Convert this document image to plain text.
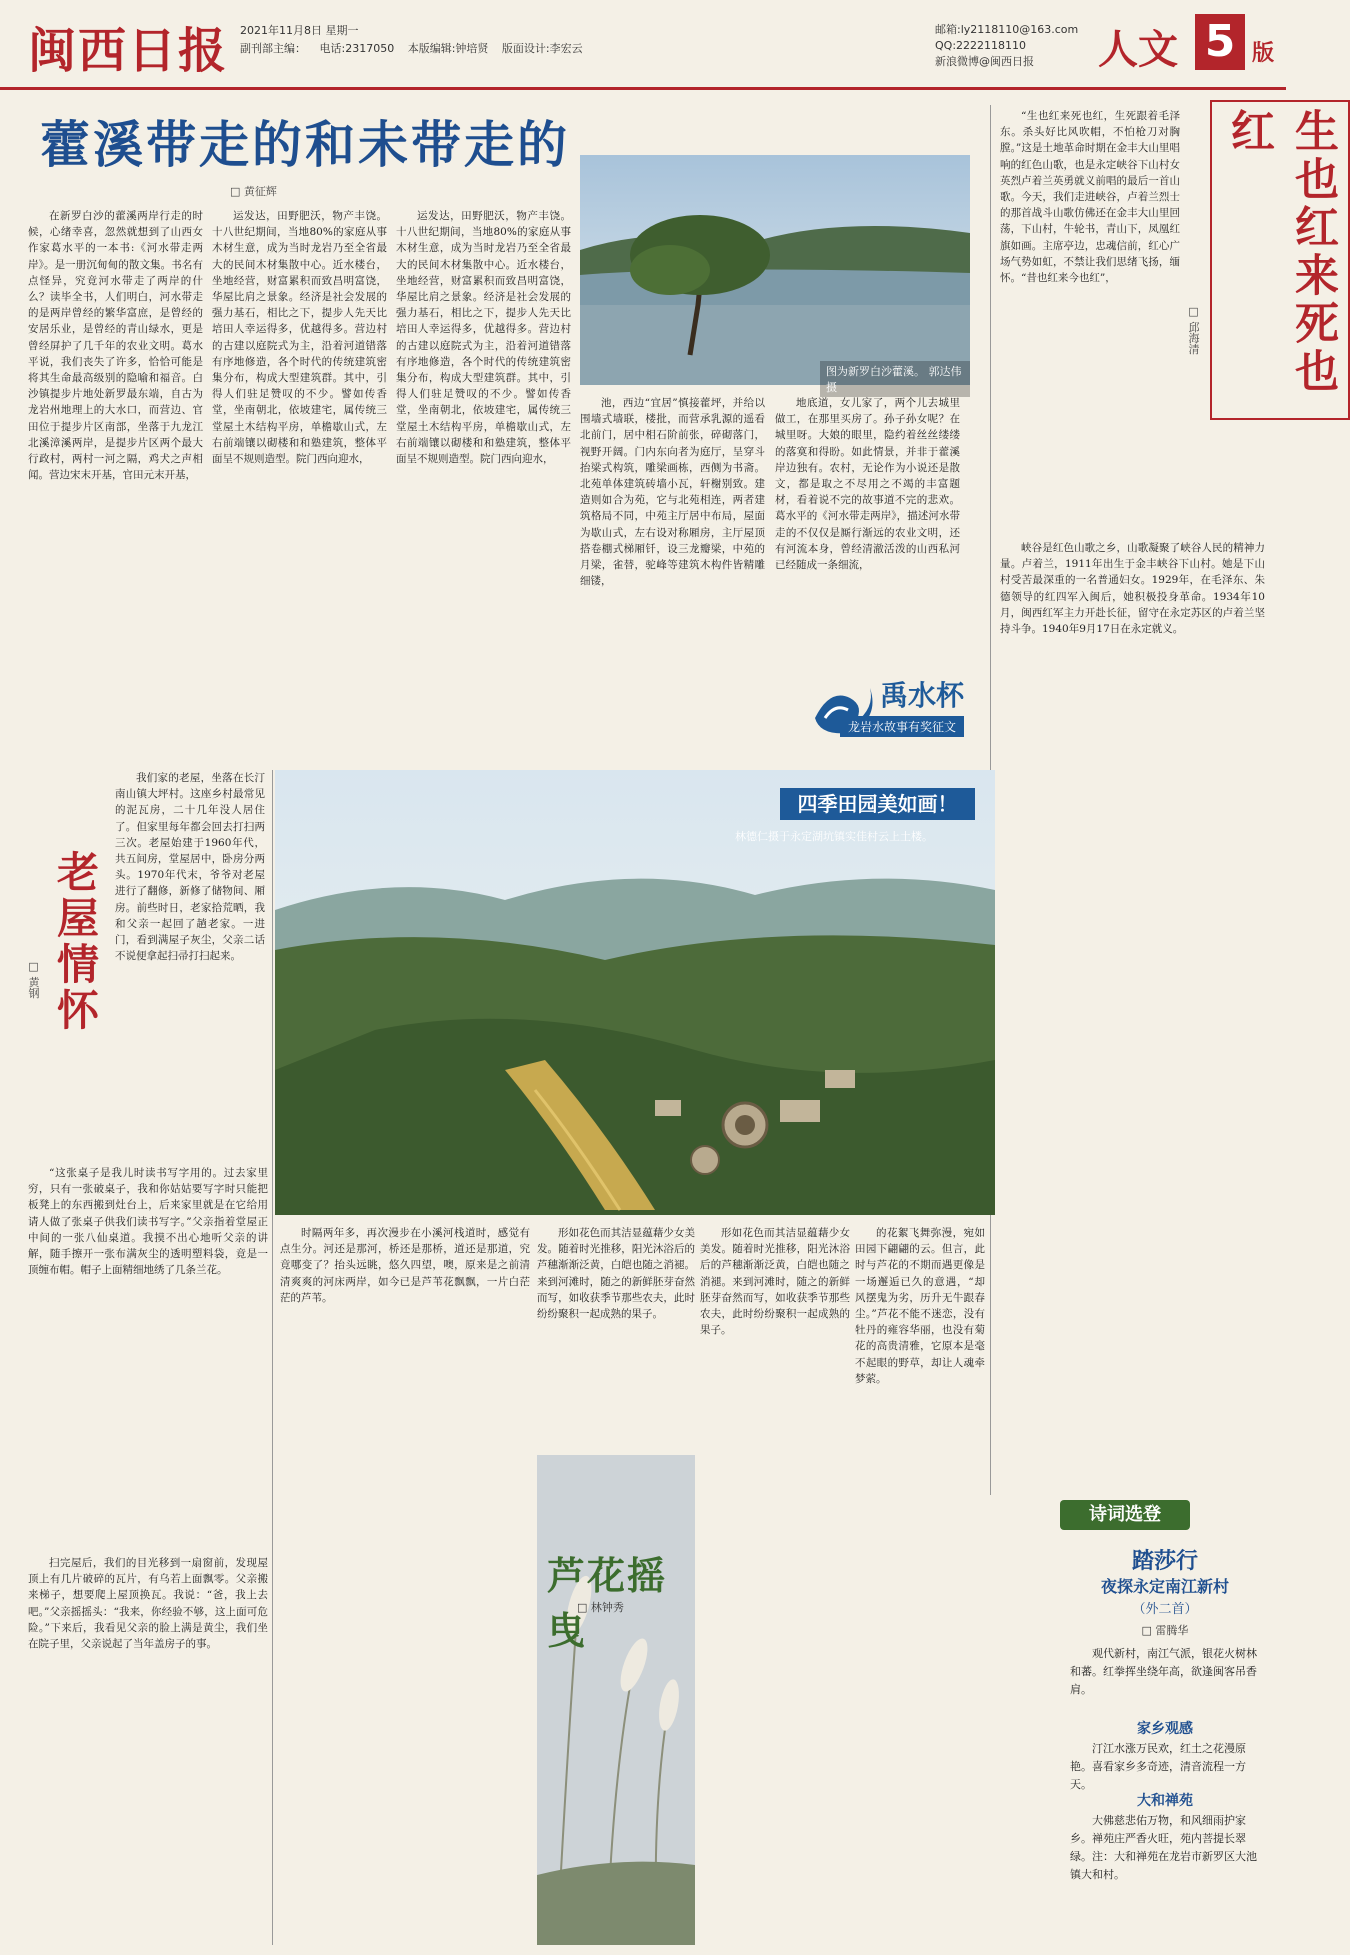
闽西日报 2021年11月8日 星期一
副刊部主编： 电话:2317050 本版编辑:钟培贤 版面设计:李宏云
邮箱:ly2118110@163.com
QQ:2222118110
新浪微博@闽西日报	人文 5 版
藿溪带走的和未带走的
□ 黄征辉

在新罗白沙的藿溪两岸行走的时候，心绪幸喜，忽然就想到了山西女作家葛水平的一本书:《河水带走两岸》。是一册沉甸甸的散文集。书名有点怪异，究竟河水带走了两岸的什么？读毕全书，人们明白，河水带走的是两岸曾经的繁华富庶，是曾经的安居乐业，是曾经的青山绿水，更是曾经屏护了几千年的农业文明。葛水平说，我们丧失了许多，恰恰可能是将其生命最高级别的隐喻和福音。白沙镇提步片地处新罗最东端，自古为龙岩州地理上的大水口，而营边、官田位于提步片区南部，坐落于九龙江北溪漳溪两岸，是提步片区两个最大行政村，两村一河之隔，鸡犬之声相闻。营边宋末开基，官田元末开基，

运发达，田野肥沃，物产丰饶。十八世纪期间，当地80%的家庭从事木材生意，成为当时龙岩乃至全省最大的民间木材集散中心。近水楼台，坐地经营，财富累积而致昌明富饶，华屋比肩之景象。经济是社会发展的强力基石，相比之下，提步人先天比培田人幸运得多，优越得多。营边村的古建以庭院式为主，沿着河道错落有序地修造，各个时代的传统建筑密集分布，构成大型建筑群。其中，引得人们驻足赞叹的不少。譬如传香堂，坐南朝北，依坡建宅，属传统三堂屋土木结构平房，单檐歇山式，左右前端镶以砌楼和和塾建筑，整体平面呈不规则造型。院门西向迎水，

运发达，田野肥沃，物产丰饶。十八世纪期间，当地80%的家庭从事木材生意，成为当时龙岩乃至全省最大的民间木材集散中心。近水楼台，坐地经营，财富累积而致昌明富饶，华屋比肩之景象。经济是社会发展的强力基石，相比之下，提步人先天比培田人幸运得多，优越得多。营边村的古建以庭院式为主，沿着河道错落有序地修造，各个时代的传统建筑密集分布，构成大型建筑群。其中，引得人们驻足赞叹的不少。譬如传香堂，坐南朝北，依坡建宅，属传统三堂屋土木结构平房，单檐歇山式，左右前端镶以砌楼和和塾建筑，整体平面呈不规则造型。院门西向迎水，

图为新罗白沙藿溪。 郭达伟摄

池，西边“宜居”慎接藿坪，并给以围墙式墙联，楼批，而营承乳源的遥看北前门，居中相石阶前张，碎砌落门，视野开阔。门内东向者为庭厅，呈穿斗抬梁式构筑，雕梁画栋，西侧为书斋。北苑单体建筑砖墙小瓦，轩榭别致。建造则如合为苑，它与北苑相连，两者建筑格局不同，中苑主厅居中布局，屋面为歇山式，左右设对称厢房，主厅屋顶搭卷棚式梯厢钎，设三龙瓣梁，中苑的月梁，雀替，驼峰等建筑木构件皆精雕细镂，

地底道，女儿家了，两个儿去城里做工，在那里买房了。孙子孙女呢？在城里呀。大娘的眼里，隐约着丝丝缕缕的落寞和得盼。如此情景，并非于藿溪岸边独有。农村，无论作为小说还是散文，都是取之不尽用之不竭的丰富题材，看着说不完的故事道不完的悲欢。葛水平的《河水带走两岸》，描述河水带走的不仅仅是厮行渐远的农业文明，还有河流本身，曾经清澈活泼的山西私河已经随成一条细流，

禹水杯
龙岩水故事有奖征文
生也红来死也红
□ 邱海清

“生也红来死也红，生死跟着毛泽东。杀头好比风吹帽，不怕枪刀对胸膛。”这是土地革命时期在金丰大山里唱响的红色山歌，也是永定峡谷下山村女英烈卢着兰英勇就义前唱的最后一首山歌。今天，我们走进峡谷，卢着兰烈士的那首战斗山歌仿佛还在金丰大山里回荡，下山村，牛轮书，青山下，凤凰红旗如画。主席亭边，忠魂信前，红心广场气势如虹，不禁让我们思绪飞扬，缅怀。“昔也红来今也红”，

峡谷是红色山歌之乡，山歌凝聚了峡谷人民的精神力量。卢着兰，1911年出生于金丰峡谷下山村。她是下山村受苦最深重的一名普通妇女。1929年，在毛泽东、朱德领导的红四军入闽后，她积极投身革命。1934年10月，闽西红军主力开赴长征，留守在永定苏区的卢着兰坚持斗争。1940年9月17日在永定就义。

四季田园美如画！
林德仁摄于永定湖坑镇实佳村云上土楼。
老屋情怀
□ 黄钢

我们家的老屋，坐落在长汀南山镇大坪村。这座乡村最常见的泥瓦房，二十几年没人居住了。但家里每年都会回去打扫两三次。老屋始建于1960年代，共五间房，堂屋居中，卧房分两头。1970年代末，爷爷对老屋进行了翻修，新修了储物间、厢房。前些时日，老家拾荒晒，我和父亲一起回了趟老家。一进门，看到满屋子灰尘，父亲二话不说便拿起扫帚打扫起来。

“这张桌子是我儿时读书写字用的。过去家里穷，只有一张破桌子，我和你姑姑要写字时只能把板凳上的东西搬到灶台上，后来家里就是在它给用请人做了张桌子供我们读书写字。”父亲指着堂屋正中间的一张八仙桌道。我摸不出心地听父亲的讲解，随手擦开一张布满灰尘的透明塑料袋，竟是一顶缠布帽。帽子上面精细地绣了几条兰花。

扫完屋后，我们的目光移到一扇窗前，发现屋顶上有几片破碎的瓦片，有乌若上面飘零。父亲搬来梯子，想要爬上屋顶换瓦。我说：“爸，我上去吧。”父亲摇摇头：“我来，你经验不够，这上面可危险。”下来后，我看见父亲的脸上满是黄尘，我们坐在院子里，父亲说起了当年盖房子的事。

时隔两年多，再次漫步在小溪河栈道时，感觉有点生分。河还是那河，桥还是那桥，道还是那道，究竟哪变了？抬头远眺，悠久四望，噢，原来是之前清清爽爽的河床两岸，如今已是芦苇花飘飘，一片白茫茫的芦苇。

形如花色而其洁显蕴藉少女美发。随着时光推移，阳光沐浴后的芦穗渐渐泛黄，白皑也随之消褪。来到河滩时，随之的新鲜胚芽奋然而写，如收获季节那些农夫，此时纷纷聚积一起成熟的果子。

芦花摇曳
□ 林钟秀

形如花色而其洁显蕴藉少女美发。随着时光推移，阳光沐浴后的芦穗渐渐泛黄，白皑也随之消褪。来到河滩时，随之的新鲜胚芽奋然而写，如收获季节那些农夫，此时纷纷聚积一起成熟的果子。

的花絮飞舞弥漫，宛如田园下翩翩的云。但言，此时与芦花的不期而遇更像是一场邂逅已久的意遇，“却风摆鬼为劣，历升无牛跟春尘。”芦花不能不迷恋，没有牡丹的雍容华丽，也没有菊花的高贵清雅，它原本是毫不起眼的野草，却让人魂牵梦萦。

诗词选登
踏莎行
夜探永定南江新村
（外二首）
□ 雷腾华

观代新村，南江气派，银花火树林和蕃。红拳挥坐绕年高，欲逢闽客吊香肩。

家乡观感

汀江水涨万民欢，红土之花漫原艳。喜看家乡多奇迹，清音流程一方天。

大和禅苑

大佛慈悲佑万物，和风细雨护家乡。禅苑庄严香火旺，苑内菩提长翠绿。注：大和禅苑在龙岩市新罗区大池镇大和村。
